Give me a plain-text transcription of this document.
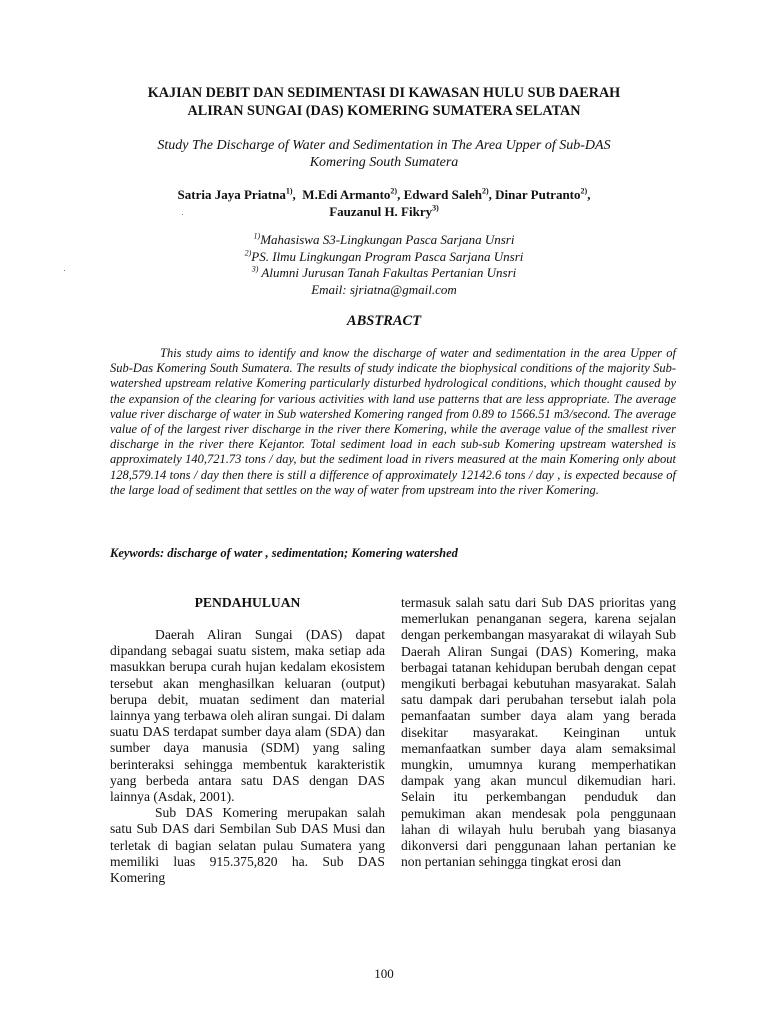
KAJIAN DEBIT DAN SEDIMENTASI DI KAWASAN HULU SUB DAERAH
ALIRAN SUNGAI (DAS) KOMERING SUMATERA SELATAN
Study The Discharge of Water and Sedimentation in The Area Upper of Sub-DAS
Komering South Sumatera
Satria Jaya Priatna$^{1)}$,  M.Edi Armanto$^{2)}$, Edward Saleh$^{2)}$, Dinar Putranto$^{2)}$,
Fauzanul H. Fikry$^{3)}$
$^{1)}$Mahasiswa S3-Lingkungan Pasca Sarjana Unsri
$^{2)}$PS. Ilmu Lingkungan Program Pasca Sarjana Unsri
$^{3)}$ Alumni Jurusan Tanah Fakultas Pertanian Unsri
Email: sjriatna@gmail.com
ABSTRACT

This study aims to identify and know the discharge of water and sedimentation in the area Upper of Sub-Das Komering South Sumatera. The results of study indicate the biophysical conditions of the majority Sub-watershed upstream relative Komering particularly disturbed hydrological conditions, which thought caused by the expansion of the clearing for various activities with land use patterns that are less appropriate. The average value river discharge of water in Sub watershed Komering ranged from 0.89 to 1566.51 m3/second. The average value of of the largest river discharge in the river there Komering, while the average value of the smallest river discharge in the river there Kejantor. Total sediment load in each sub-sub Komering upstream watershed is approximately 140,721.73 tons / day, but the sediment load in rivers measured at the main Komering only about 128,579.14 tons / day then there is still a difference of approximately 12142.6 tons / day , is expected because of the large load of sediment that settles on the way of water from upstream into the river Komering.

Keywords: discharge of water , sedimentation; Komering watershed
PENDAHULUAN

Daerah Aliran Sungai (DAS) dapat dipandang sebagai suatu sistem, maka setiap ada masukkan berupa curah hujan kedalam ekosistem tersebut akan menghasilkan keluaran (output) berupa debit, muatan sediment dan material lainnya yang terbawa oleh aliran sungai. Di dalam suatu DAS terdapat sumber daya alam (SDA) dan sumber daya manusia (SDM) yang saling berinteraksi sehingga membentuk karakteristik yang berbeda antara satu DAS dengan DAS lainnya (Asdak, 2001).

Sub DAS Komering merupakan salah satu Sub DAS dari Sembilan Sub DAS Musi dan terletak di bagian selatan pulau Sumatera yang memiliki luas 915.375,820 ha. Sub DAS Komering

termasuk salah satu dari Sub DAS prioritas yang memerlukan penanganan segera, karena sejalan dengan perkembangan masyarakat di wilayah Sub Daerah Aliran Sungai (DAS) Komering, maka berbagai tatanan kehidupan berubah dengan cepat mengikuti berbagai kebutuhan masyarakat. Salah satu dampak dari perubahan tersebut ialah pola pemanfaatan sumber daya alam yang berada disekitar masyarakat. Keinginan untuk memanfaatkan sumber daya alam semaksimal mungkin, umumnya kurang memperhatikan dampak yang akan muncul dikemudian hari. Selain itu perkembangan penduduk dan pemukiman akan mendesak pola penggunaan lahan di wilayah hulu berubah yang biasanya dikonversi dari penggunaan lahan pertanian ke non pertanian sehingga tingkat erosi dan

100
